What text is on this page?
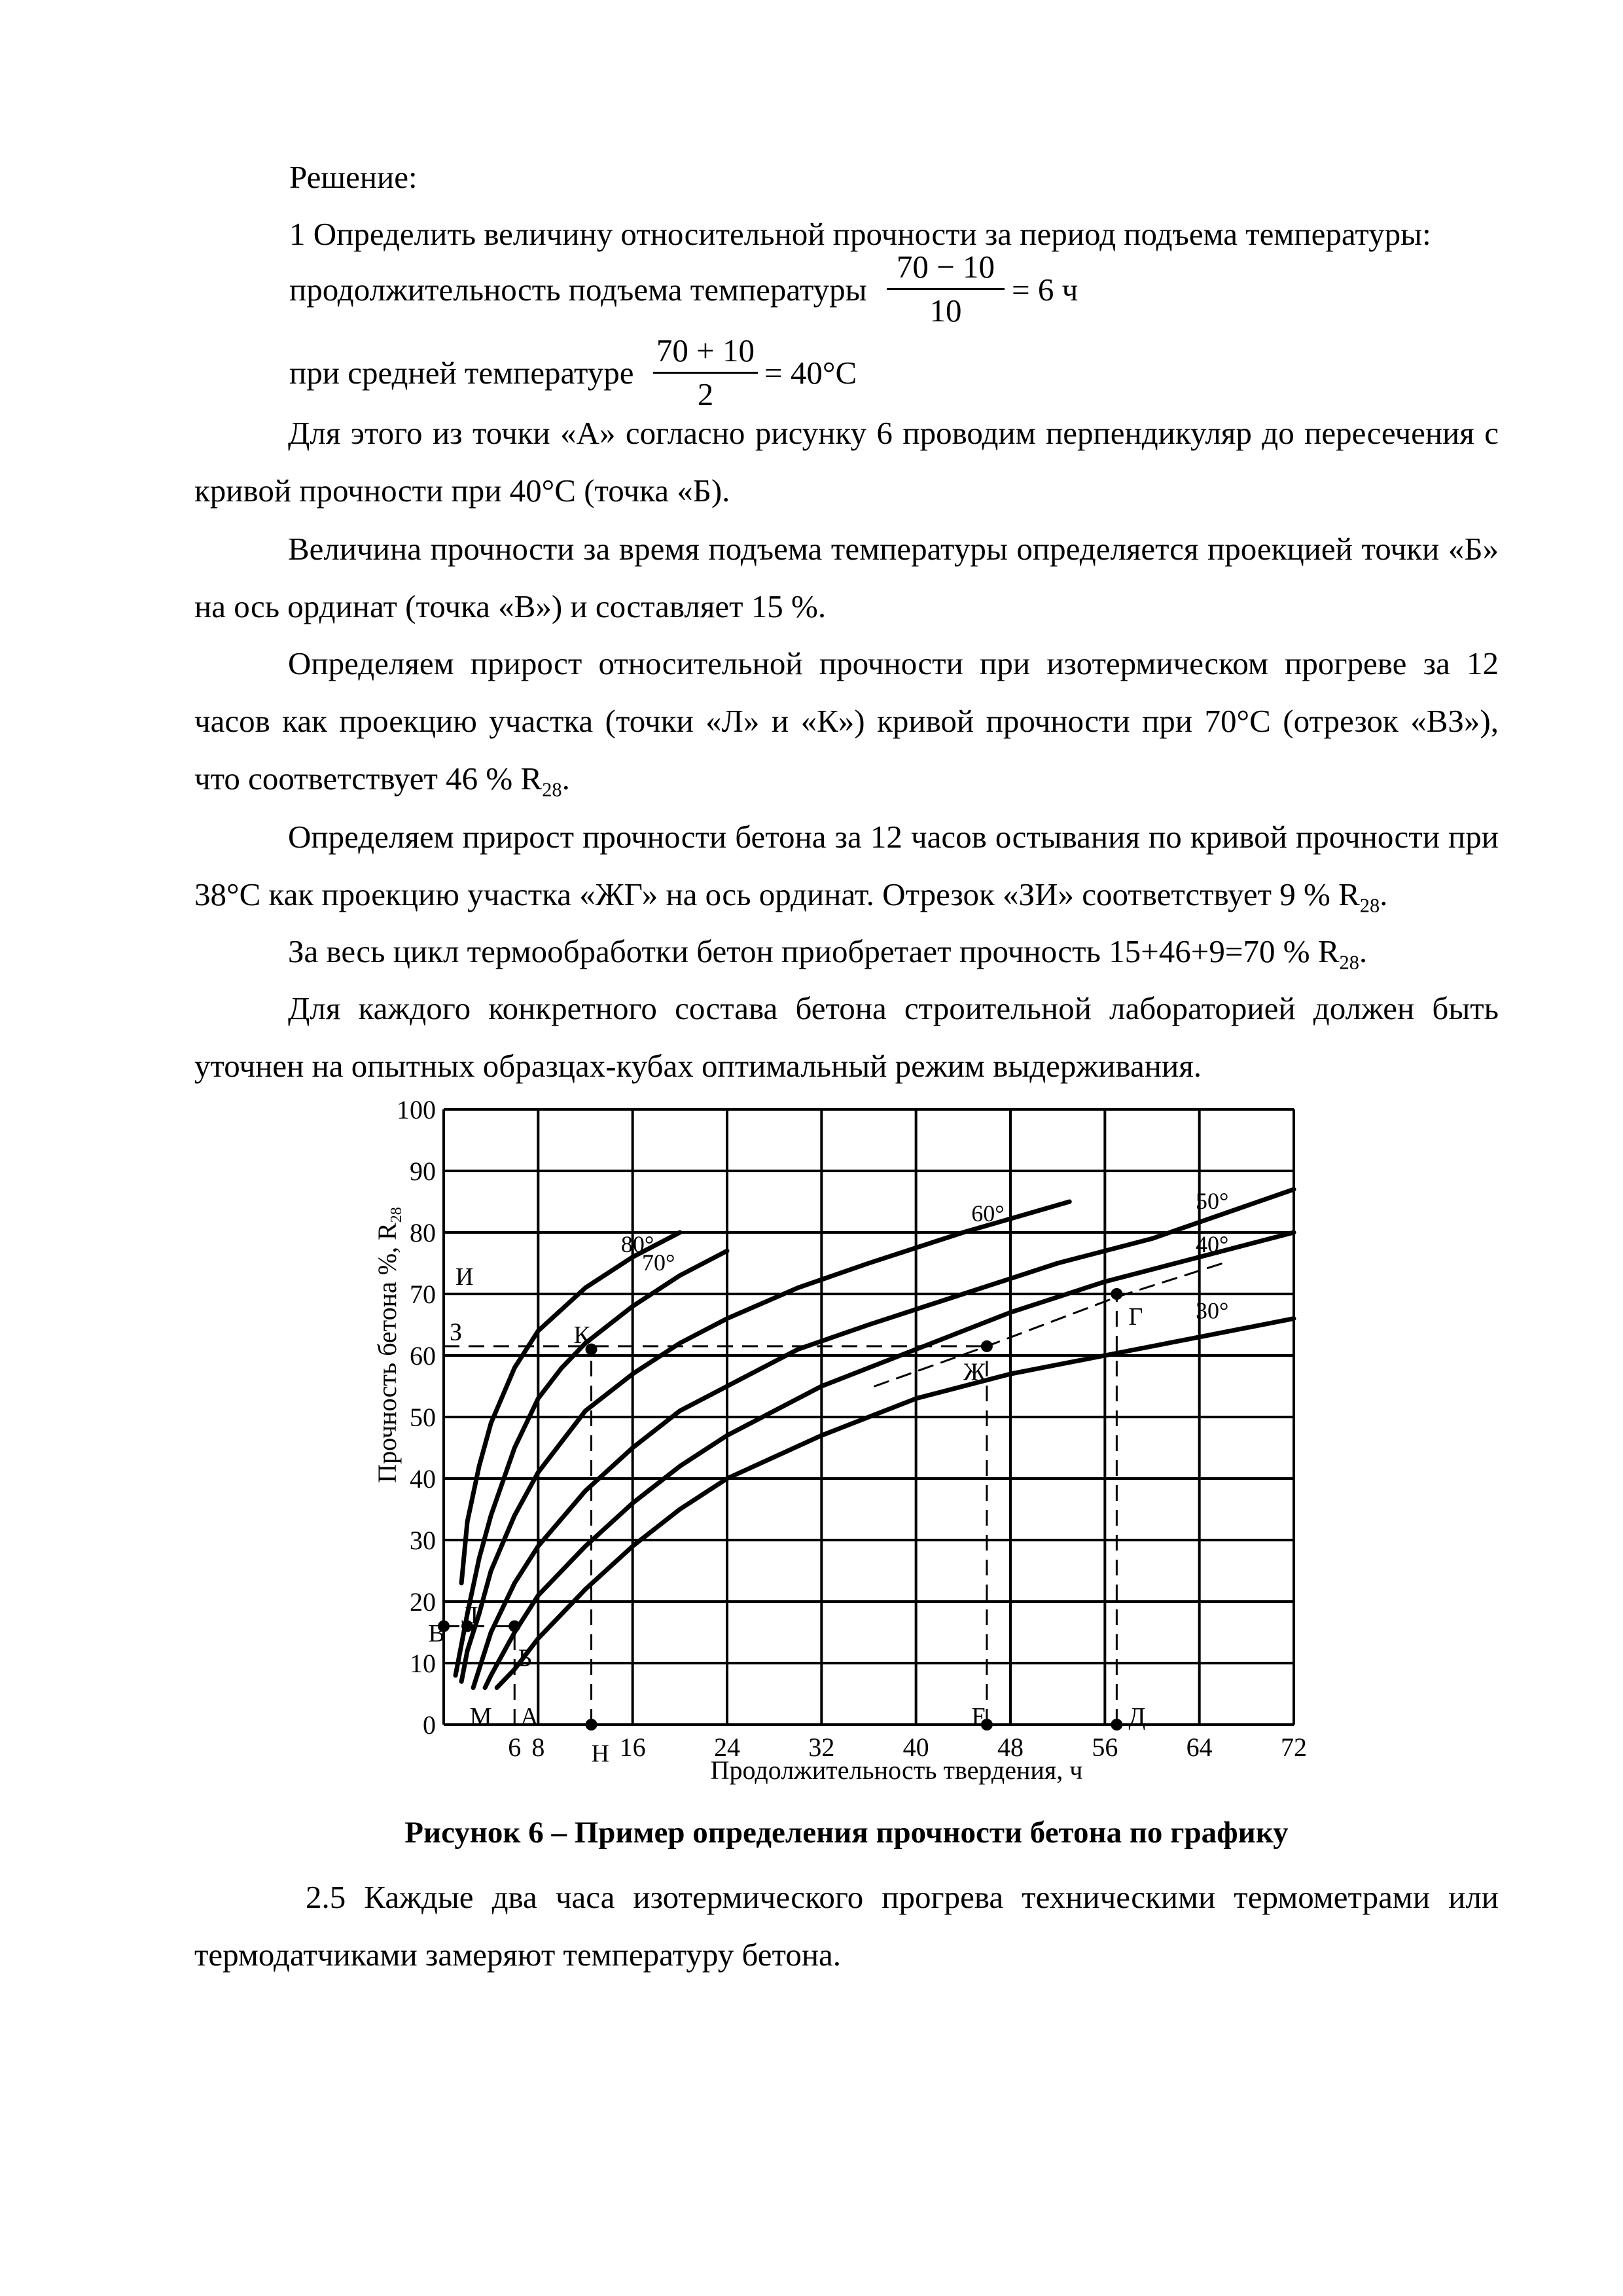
Решение:
1 Определить величину относительной прочности за период подъема температуры:
продолжительность подъема температуры
70 − 10
10
= 6 ч
при средней температуре
70 + 10
2
= 40°С
Для этого из точки «А» согласно рисунку 6 проводим перпендикуляр до пересечения с кривой прочности при 40°С (точка «Б).
Величина прочности за время подъема температуры определяется проекцией точки «Б» на ось ординат (точка «В») и составляет 15 %.
Определяем прирост относительной прочности при изотермическом прогреве за 12 часов как проекцию участка (точки «Л» и «К») кривой прочности при 70°С (отрезок «ВЗ»), что соответствует 46 % $R_{28}$.
Определяем прирост прочности бетона за 12 часов остывания по кривой прочности при 38°С как проекцию участка «ЖГ» на ось ординат. Отрезок «ЗИ» соответствует 9 % $R_{28}$.
За весь цикл термообработки бетон приобретает прочность 15+46+9=70 % $R_{28}$.
Для каждого конкретного состава бетона строительной лабораторией должен быть уточнен на опытных образцах-кубах оптимальный режим выдерживания.
0
10
20
30
40
50
60
70
80
90
100
6 8	16	24	32	40	48	56	64	72
80°
70°
60°	50°
40°
30°
И
З	К
Ж
Г
Л
В
Б
М А	Е	Д
Н
Продолжительность твердения, ч
Прочность бетона %, $R_{28}$
Рисунок 6 – Пример определения прочности бетона по графику
2.5 Каждые два часа изотермического прогрева техническими термометрами или термодатчиками замеряют температуру бетона.
